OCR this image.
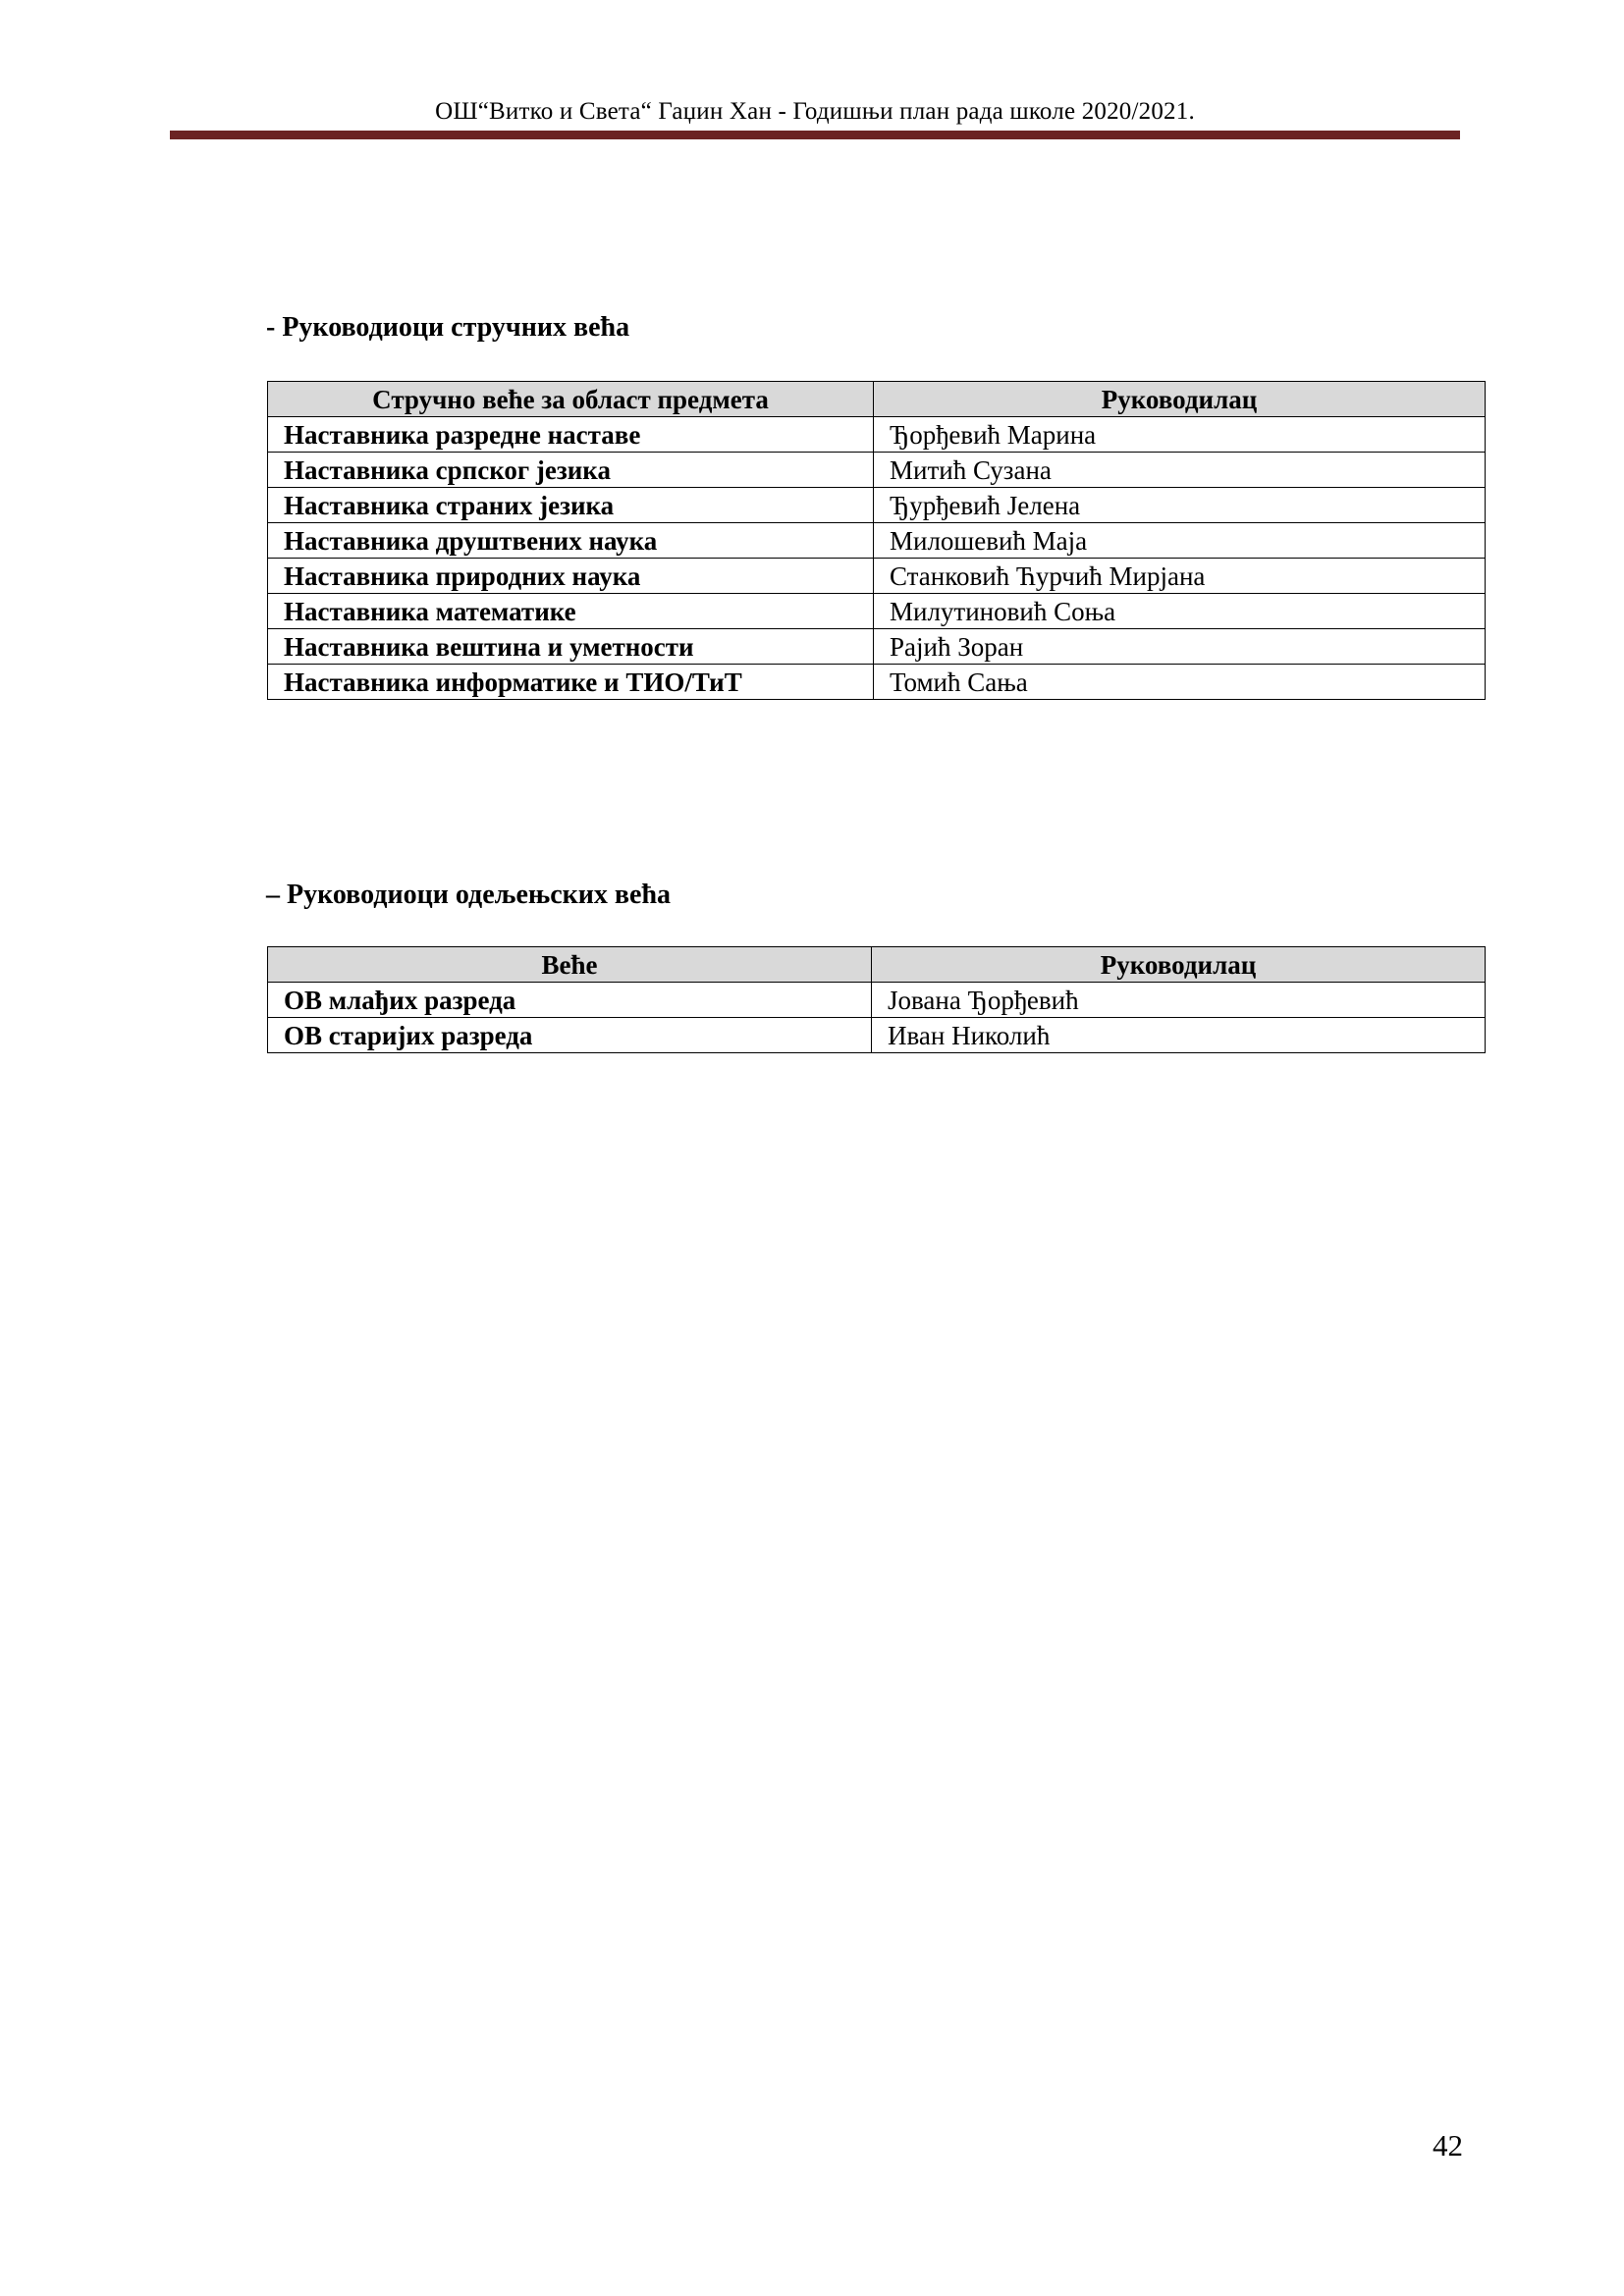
ОШ“Витко и Света“ Гаџин Хан - Годишњи план рада школе 2020/2021.
- Руководиоци стручних већа
Стручно веће за област предмета	Руководилац
Наставника разредне наставе	Ђорђевић Марина
Наставника српског језика	Митић Сузана
Наставника страних језика	Ђурђевић Јелена
Наставника друштвених наука	Милошевић Маја
Наставника природних наука	Станковић Ћурчић Мирјана
Наставника математике	Милутиновић Соња
Наставника вештина и уметности	Рајић Зоран
Наставника информатике и ТИО/ТиТ	Томић Сања
– Руководиоци одељењских већа
Веће	Руководилац
ОВ млађих разреда	Јована Ђорђевић
ОВ старијих разреда	Иван Николић
42
